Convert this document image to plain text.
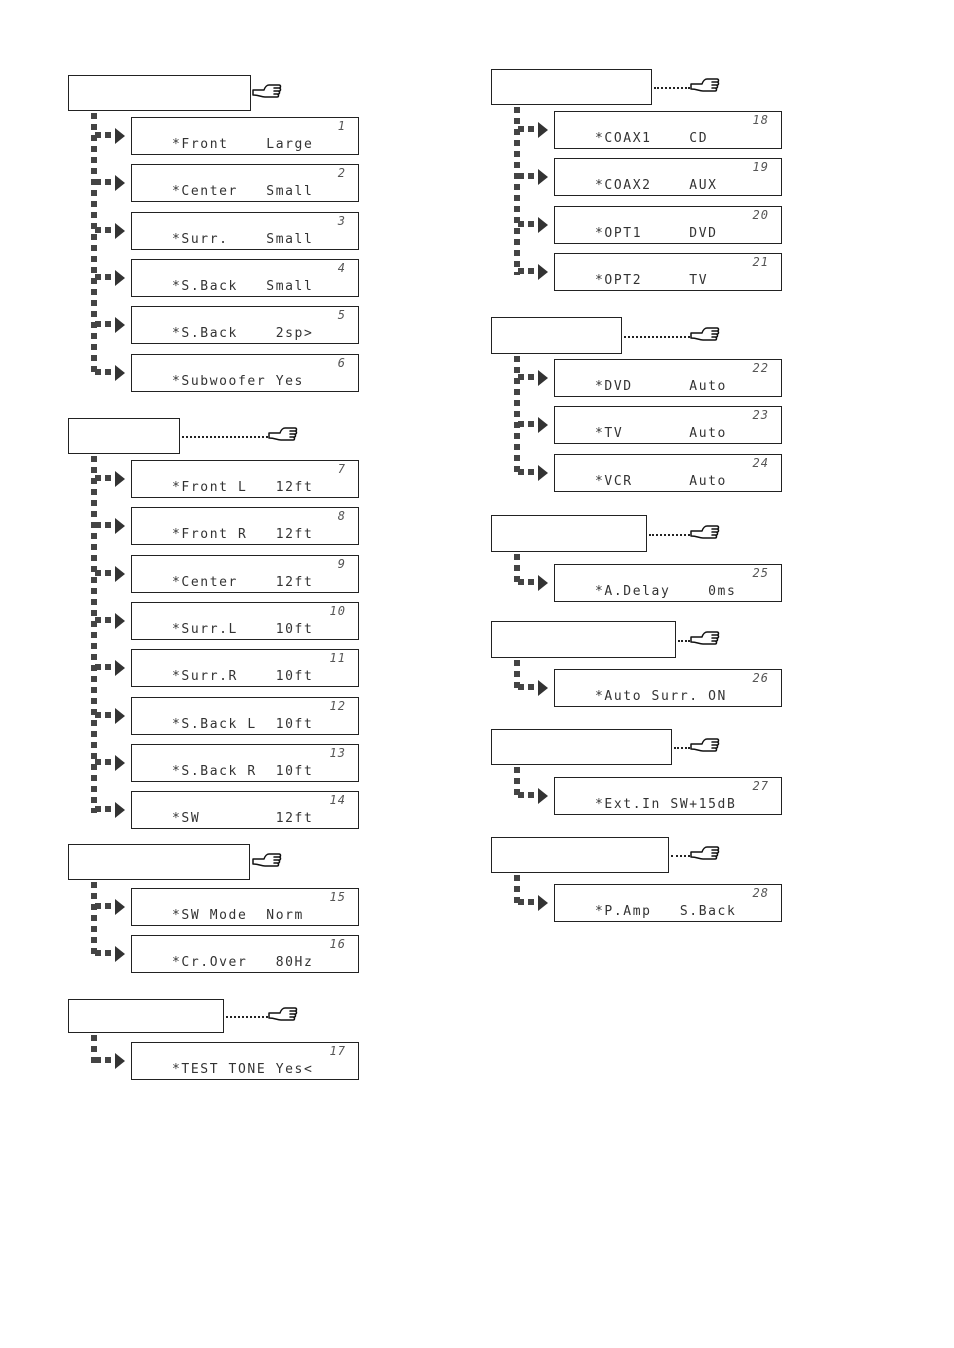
1
*Front    Large
2
*Center   Small
3
*Surr.    Small
4
*S.Back   Small
5
*S.Back    2sp>
6
*Subwoofer Yes
7
*Front L   12ft
8
*Front R   12ft
9
*Center    12ft
10
*Surr.L    10ft
11
*Surr.R    10ft
12
*S.Back L  10ft
13
*S.Back R  10ft
14
*SW        12ft
15
*SW Mode  Norm
16
*Cr.Over   80Hz
17
*TEST TONE Yes<
18
*COAX1    CD
19
*COAX2    AUX
20
*OPT1     DVD
21
*OPT2     TV
22
*DVD      Auto
23
*TV       Auto
24
*VCR      Auto
25
*A.Delay    0ms
26
*Auto Surr. ON
27
*Ext.In SW+15dB
28
*P.Amp   S.Back
